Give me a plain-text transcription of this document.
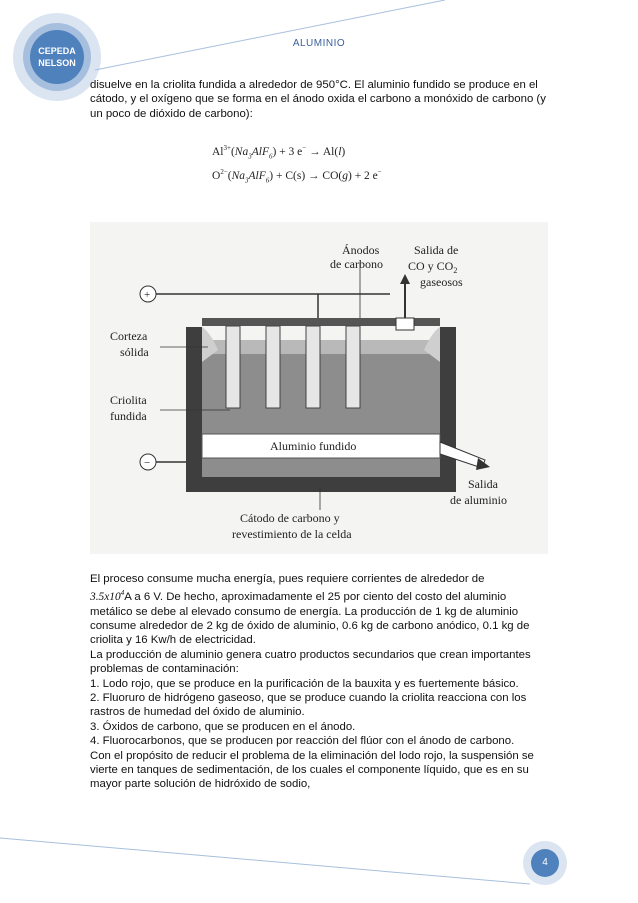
CEPEDA
NELSON
ALUMINIO

disuelve en la criolita fundida a alrededor de 950°C. El aluminio fundido se produce en el cátodo, y el oxígeno que se forma en el ánodo oxida el carbono a monóxido de carbono (y un poco de dióxido de carbono):

$Al^{3+}(Na_3AlF_6) + 3$ e− → Al(l)
$O^{2-}(Na_3AlF_6) + C(s) \to CO(g) + 2$ e−
Ánodos
de carbono
Salida de
CO y $CO_2$
gaseosos
+
−
Corteza
sólida
Criolita
fundida
Aluminio fundido
Salida
de aluminio
Cátodo de carbono y
revestimiento de la celda

El proceso consume mucha energía, pues requiere corrientes de alrededor de
$3.5x10^4A$ a 6 V. De hecho, aproximadamente el 25 por ciento del costo del aluminio metálico se debe al elevado consumo de energía. La producción de 1 kg de aluminio consume alrededor de 2 kg de óxido de aluminio, 0.6 kg de carbono anódico, 0.1 kg de criolita y 16 Kw/h de electricidad.

La producción de aluminio genera cuatro productos secundarios que crean importantes problemas de contaminación:

1. Lodo rojo, que se produce en la purificación de la bauxita y es fuertemente básico.

2. Fluoruro de hidrógeno gaseoso, que se produce cuando la criolita reacciona con los rastros de humedad del óxido de aluminio.

3. Óxidos de carbono, que se producen en el ánodo.

4. Fluorocarbonos, que se producen por reacción del flúor con el ánodo de carbono.

Con el propósito de reducir el problema de la eliminación del lodo rojo, la suspensión se vierte en tanques de sedimentación, de los cuales el componente líquido, que es en su mayor parte solución de hidróxido de sodio,

4
